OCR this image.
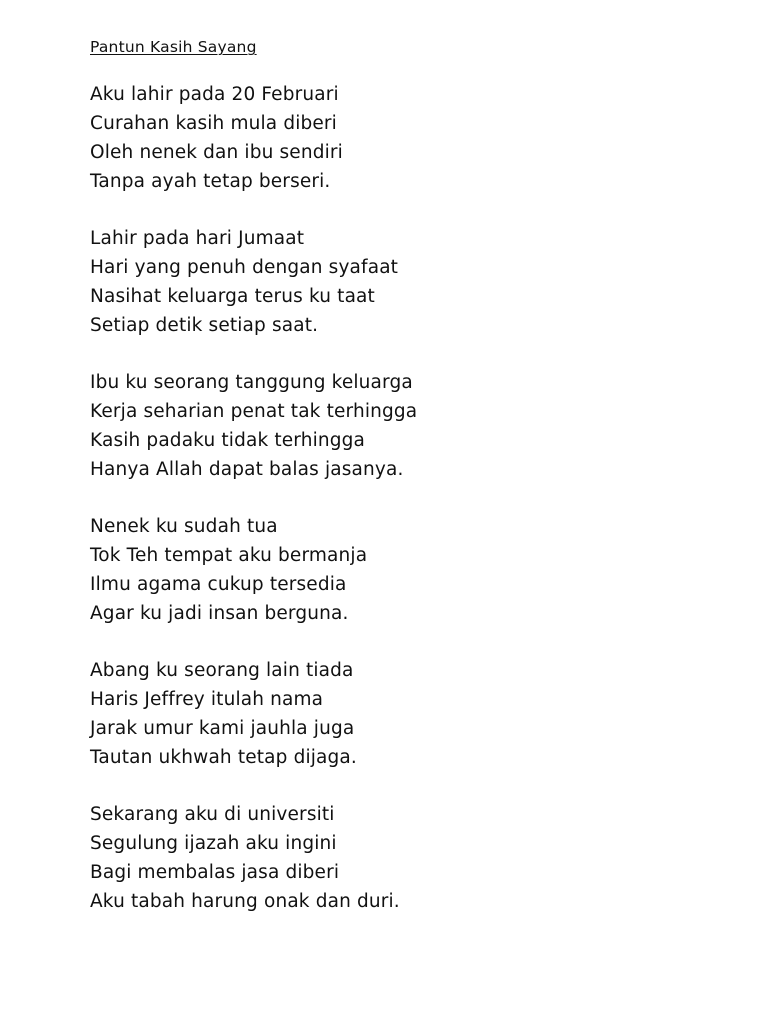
Pantun Kasih Sayang
Aku lahir pada 20 Februari
Curahan kasih mula diberi
Oleh nenek dan ibu sendiri
Tanpa ayah tetap berseri.
Lahir pada hari Jumaat
Hari yang penuh dengan syafaat
Nasihat keluarga terus ku taat
Setiap detik setiap saat.
Ibu ku seorang tanggung keluarga
Kerja seharian penat tak terhingga
Kasih padaku tidak terhingga
Hanya Allah dapat balas jasanya.
Nenek ku sudah tua
Tok Teh tempat aku bermanja
Ilmu agama cukup tersedia
Agar ku jadi insan berguna.
Abang ku seorang lain tiada
Haris Jeffrey itulah nama
Jarak umur kami jauhla juga
Tautan ukhwah tetap dijaga.
Sekarang aku di universiti
Segulung ijazah aku ingini
Bagi membalas jasa diberi
Aku tabah harung onak dan duri.
